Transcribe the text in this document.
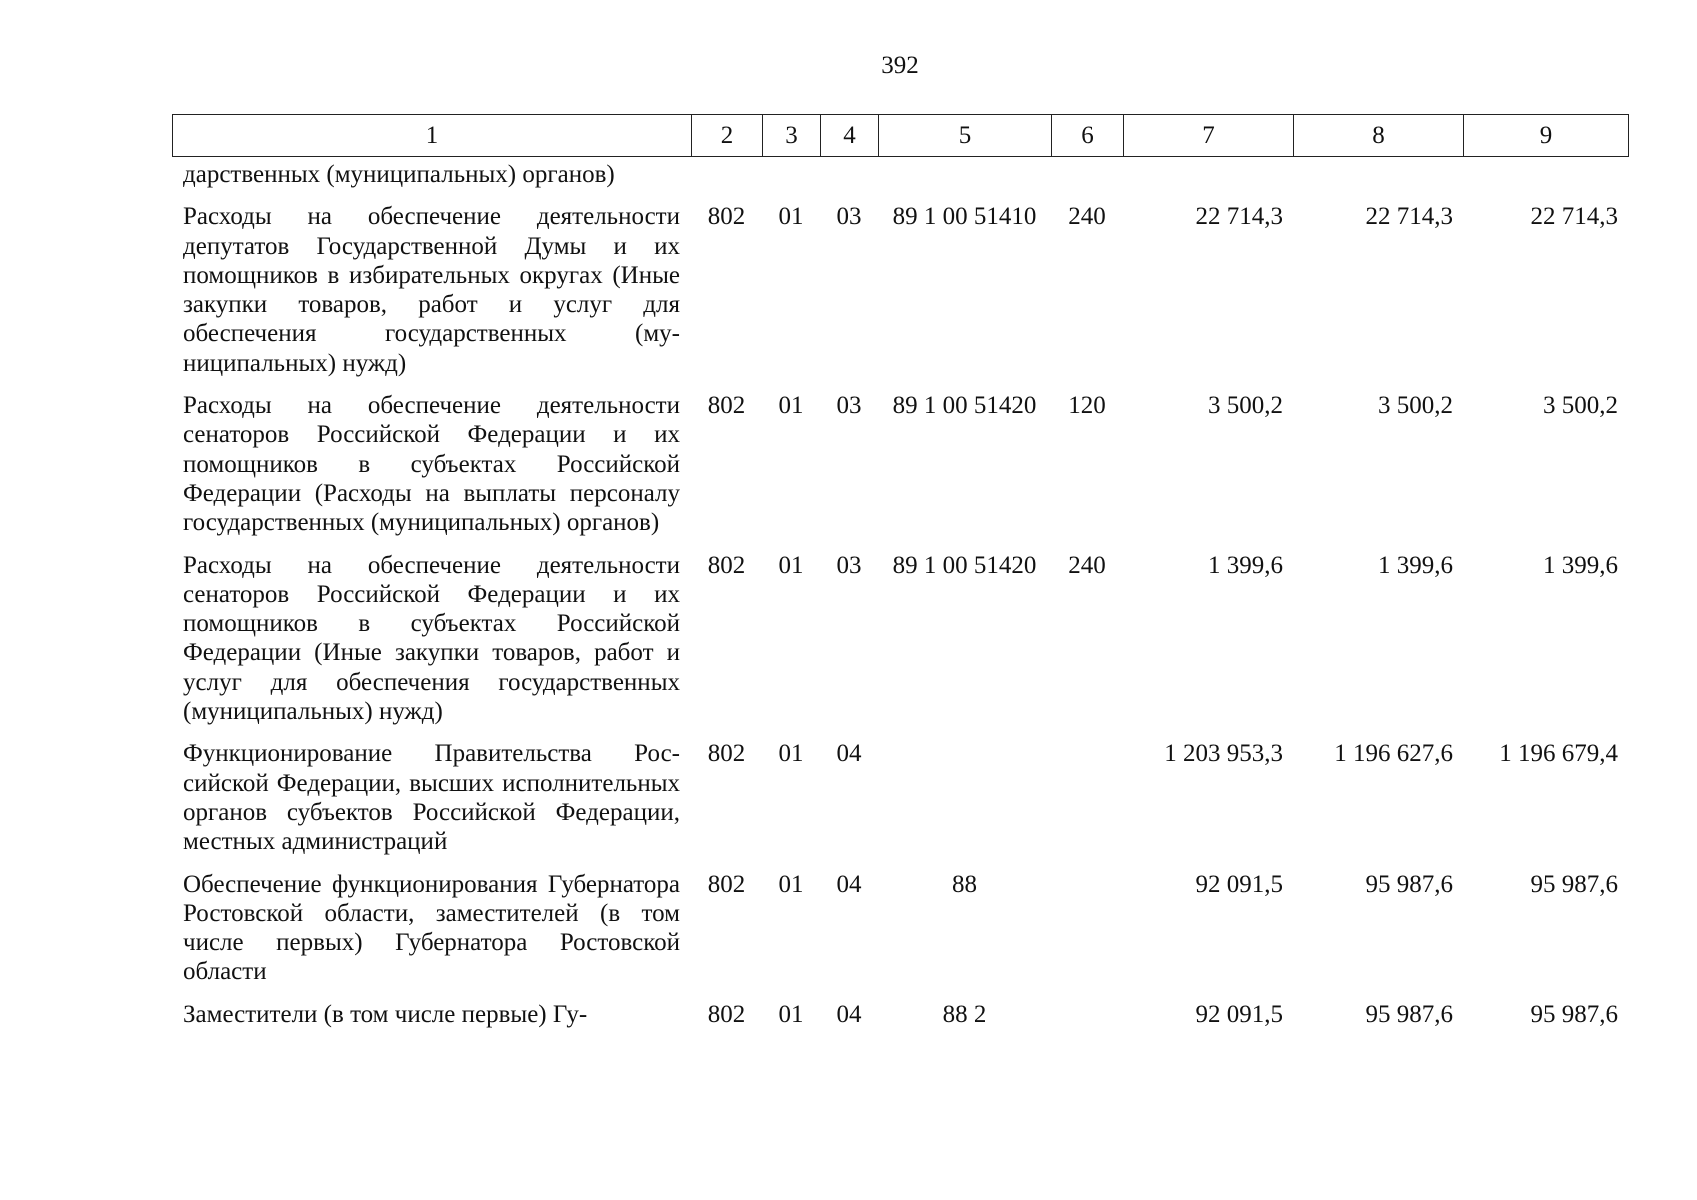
392
1	2	3	4	5	6	7	8	9
дарственных (муниципальных) органов)								
Расходы на обеспечение деятельности депутатов Государственной Думы и их помощников в избирательных округах (Иные закупки товаров, работ и услуг для обеспечения государственных (муниципальных) нужд)	802	01	03	89 1 00 51410	240	22 714,3	22 714,3	22 714,3
Расходы на обеспечение деятельности сенаторов Российской Федерации и их помощников в субъектах Российской Федерации (Расходы на выплаты персоналу государственных (муниципальных) органов)	802	01	03	89 1 00 51420	120	3 500,2	3 500,2	3 500,2
Расходы на обеспечение деятельности сенаторов Российской Федерации и их помощников в субъектах Российской Федерации (Иные закупки товаров, работ и услуг для обеспечения государственных (муниципальных) нужд)	802	01	03	89 1 00 51420	240	1 399,6	1 399,6	1 399,6
Функционирование Правительства Российской Федерации, высших исполнительных органов субъектов Российской Федерации, местных администраций	802	01	04			1 203 953,3	1 196 627,6	1 196 679,4
Обеспечение функционирования Губернатора Ростовской области, заместителей (в том числе первых) Губернатора Ростовской области	802	01	04	88		92 091,5	95 987,6	95 987,6
Заместители (в том числе первые) Гу-	802	01	04	88 2		92 091,5	95 987,6	95 987,6
